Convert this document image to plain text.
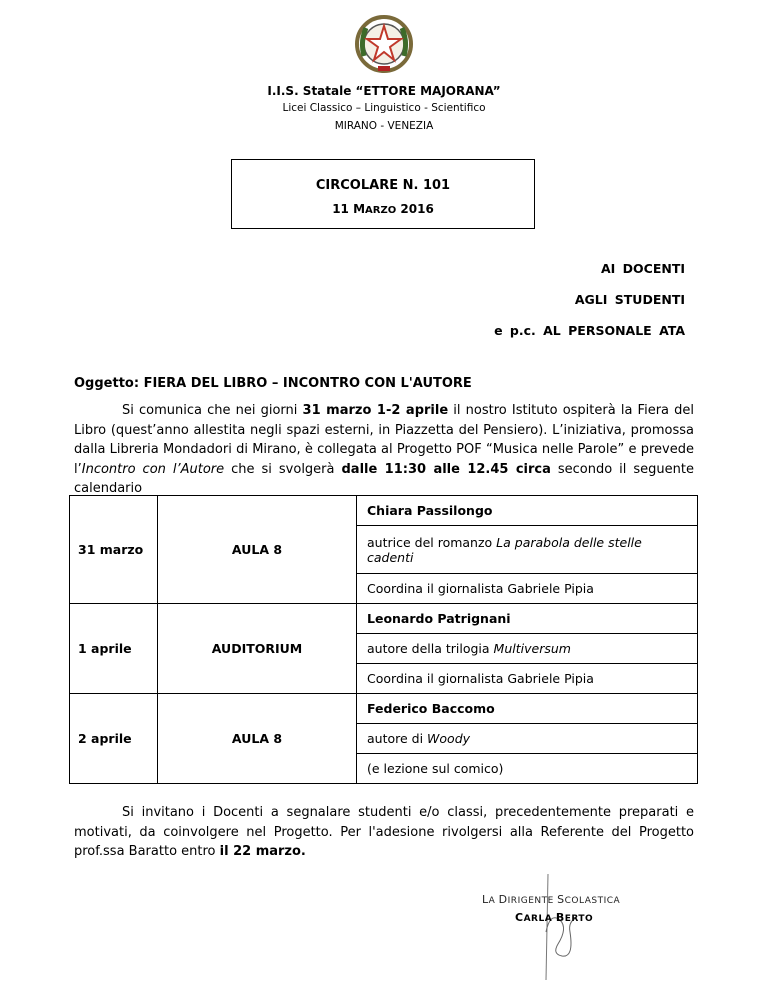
I.I.S. Statale “ETTORE MAJORANA”
Licei Classico – Linguistico - Scientifico
MIRANO - VENEZIA
CIRCOLARE N. 101
11 MARZO 2016
AI DOCENTI
AGLI STUDENTI
e p.c. AL PERSONALE ATA
Oggetto: FIERA DEL LIBRO – INCONTRO CON L'AUTORE
Si comunica che nei giorni 31 marzo 1-2 aprile il nostro Istituto ospiterà la Fiera del Libro (quest’anno allestita negli spazi esterni, in Piazzetta del Pensiero). L’iniziativa, promossa dalla Libreria Mondadori di Mirano, è collegata al Progetto POF “Musica nelle Parole” e prevede l’Incontro con l’Autore che si svolgerà dalle 11:30 alle 12.45 circa secondo il seguente calendario
31 marzo	AULA 8	Chiara Passilongo

		autrice del romanzo La parabola delle stelle cadenti
		Coordina il giornalista Gabriele Pipia
1 aprile	AUDITORIUM	Leonardo Patrignani

		autore della trilogia Multiversum
		Coordina il giornalista Gabriele Pipia
2 aprile	AULA 8	Federico Baccomo

		autore di Woody
		(e lezione sul comico)
Si invitano i Docenti a segnalare studenti e/o classi, precedentemente preparati e motivati, da coinvolgere nel Progetto. Per l'adesione rivolgersi alla Referente del Progetto prof.ssa Baratto entro il 22 marzo.
LA DIRIGENTE SCOLASTICA
CARLA BERTO
